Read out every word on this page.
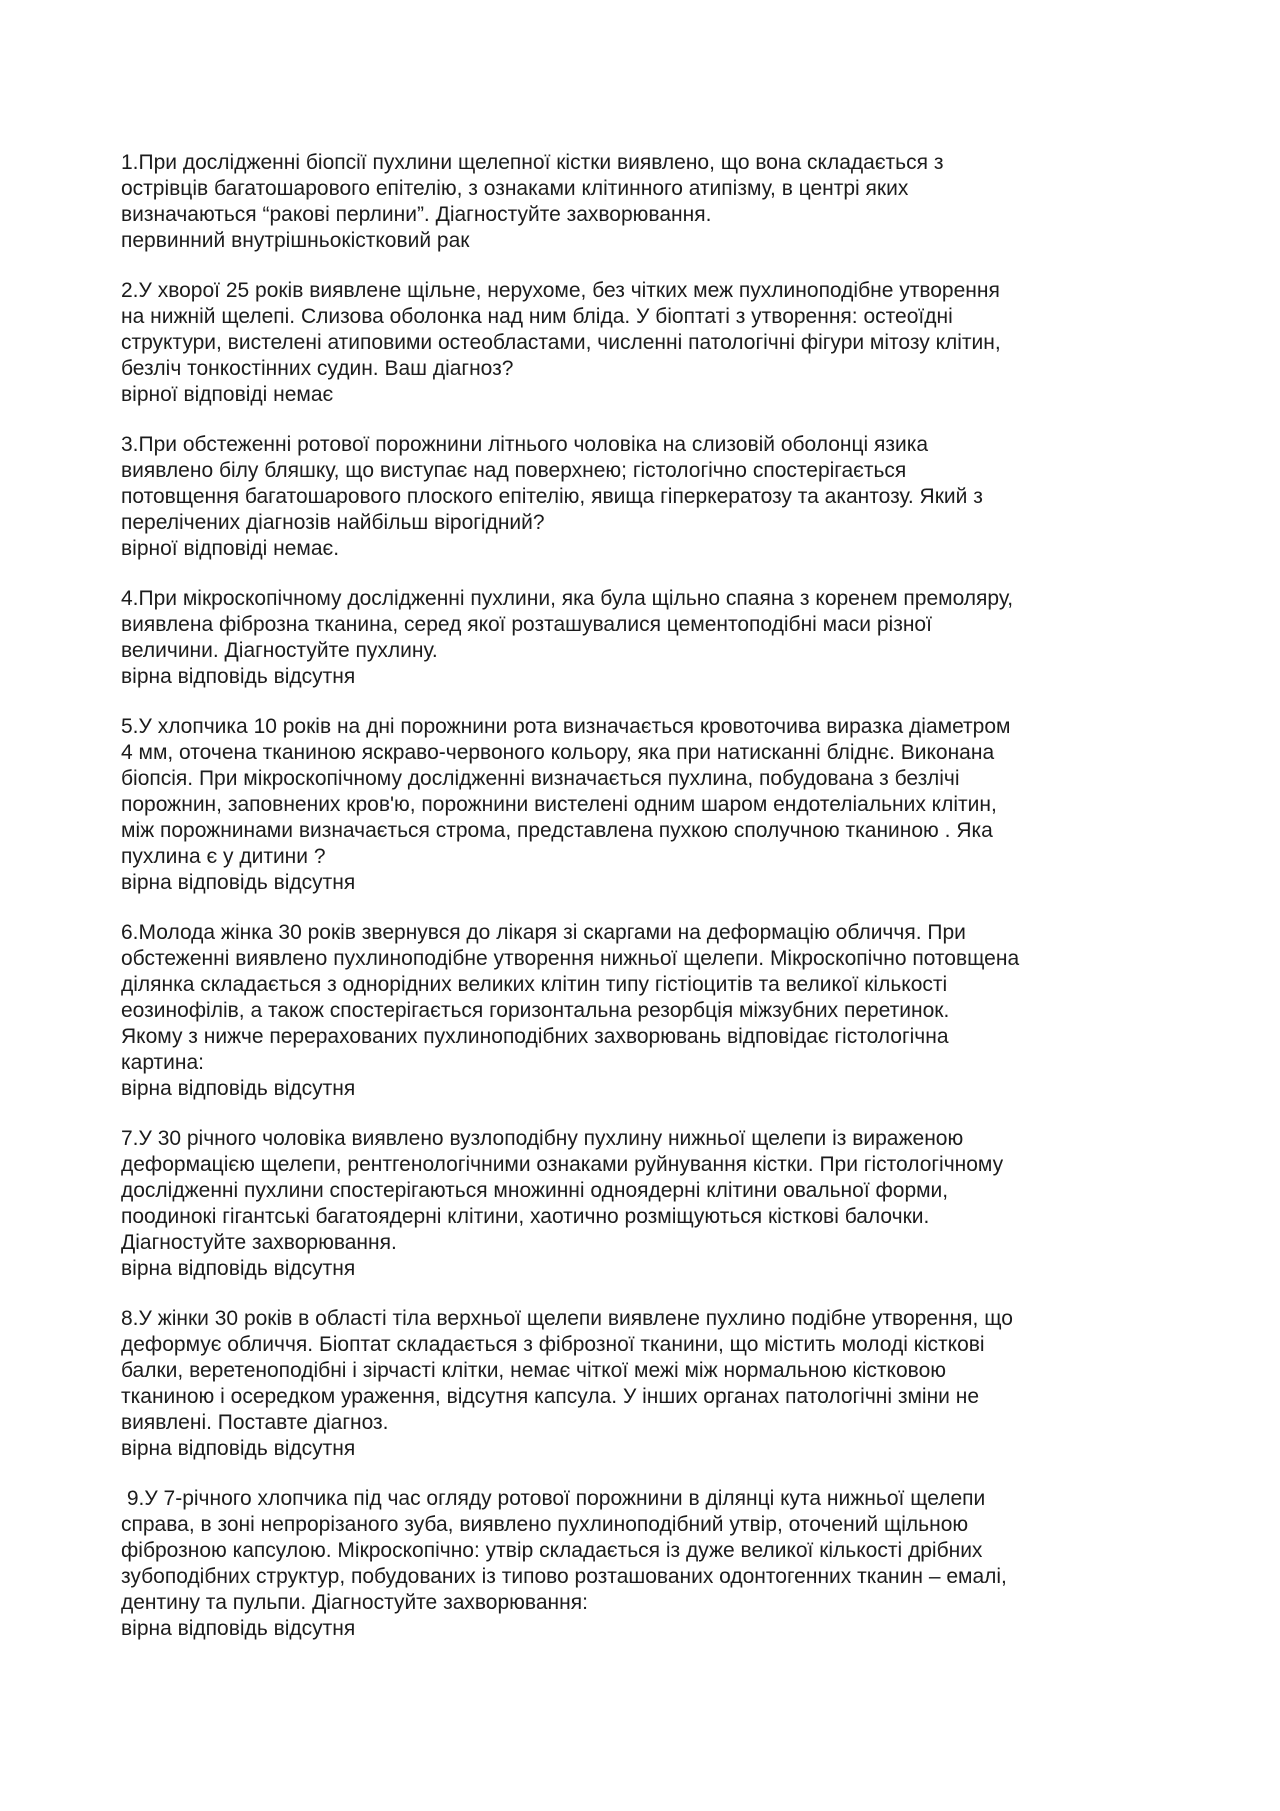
1.При дослідженні біопсії пухлини щелепної кістки виявлено, що вона складається з
острівців багатошарового епітелію, з ознаками клітинного атипізму, в центрі яких
визначаються “ракові перлини”. Діагностуйте захворювання.
первинний внутрішньокістковий рак
2.У хворої 25 років виявлене щільне, нерухоме, без чітких меж пухлиноподібне утворення
на нижній щелепі. Слизова оболонка над ним бліда. У біоптаті з утворення: остеоїдні
структури, вистелені атиповими остеобластами, численні патологічні фігури мітозу клітин,
безліч тонкостінних судин. Ваш діагноз?
вірної відповіді немає
3.При обстеженні ротової порожнини літнього чоловіка на слизовій оболонці язика
виявлено білу бляшку, що виступає над поверхнею; гістологічно спостерігається
потовщення багатошарового плоского епітелію, явища гіперкератозу та акантозу. Який з
перелічених діагнозів найбільш вірогідний?
вірної відповіді немає.
4.При мікроскопічному дослідженні пухлини, яка була щільно спаяна з коренем премоляру,
виявлена фіброзна тканина, серед якої розташувалися цементоподібні маси різної
величини. Діагностуйте пухлину.
вірна відповідь відсутня
5.У хлопчика 10 років на дні порожнини рота визначається кровоточива виразка діаметром
4 мм, оточена тканиною яскраво-червоного кольору, яка при натисканні бліднє. Виконана
біопсія. При мікроскопічному дослідженні визначається пухлина, побудована з безлічі
порожнин, заповнених кров'ю, порожнини вистелені одним шаром ендотеліальних клітин,
між порожнинами визначається строма, представлена пухкою сполучною тканиною . Яка
пухлина є у дитини ?
вірна відповідь відсутня
6.Молода жінка 30 років звернувся до лікаря зі скаргами на деформацію обличчя. При
обстеженні виявлено пухлиноподібне утворення нижньої щелепи. Мікроскопічно потовщена
ділянка складається з однорідних великих клітин типу гістіоцитів та великої кількості
еозинофілів, а також спостерігається горизонтальна резорбція міжзубних перетинок.
Якому з нижче перерахованих пухлиноподібних захворювань відповідає гістологічна
картина:
вірна відповідь відсутня
7.У 30 річного чоловіка виявлено вузлоподібну пухлину нижньої щелепи із вираженою
деформацією щелепи, рентгенологічними ознаками руйнування кістки. При гістологічному
дослідженні пухлини спостерігаються множинні одноядерні клітини овальної форми,
поодинокі гігантські багатоядерні клітини, хаотично розміщуються кісткові балочки.
Діагностуйте захворювання.
вірна відповідь відсутня
8.У жінки 30 років в області тіла верхньої щелепи виявлене пухлино подібне утворення, що
деформує обличчя. Біоптат складається з фіброзної тканини, що містить молоді кісткові
балки, веретеноподібні і зірчасті клітки, немає чіткої межі між нормальною кістковою
тканиною і осередком ураження, відсутня капсула. У інших органах патологічні зміни не
виявлені. Поставте діагноз.
вірна відповідь відсутня
9.У 7-річного хлопчика під час огляду ротової порожнини в ділянці кута нижньої щелепи
справа, в зоні непрорізаного зуба, виявлено пухлиноподібний утвір, оточений щільною
фіброзною капсулою. Мікроскопічно: утвір складається із дуже великої кількості дрібних
зубоподібних структур, побудованих із типово розташованих одонтогенних тканин – емалі,
дентину та пульпи. Діагностуйте захворювання:
вірна відповідь відсутня
